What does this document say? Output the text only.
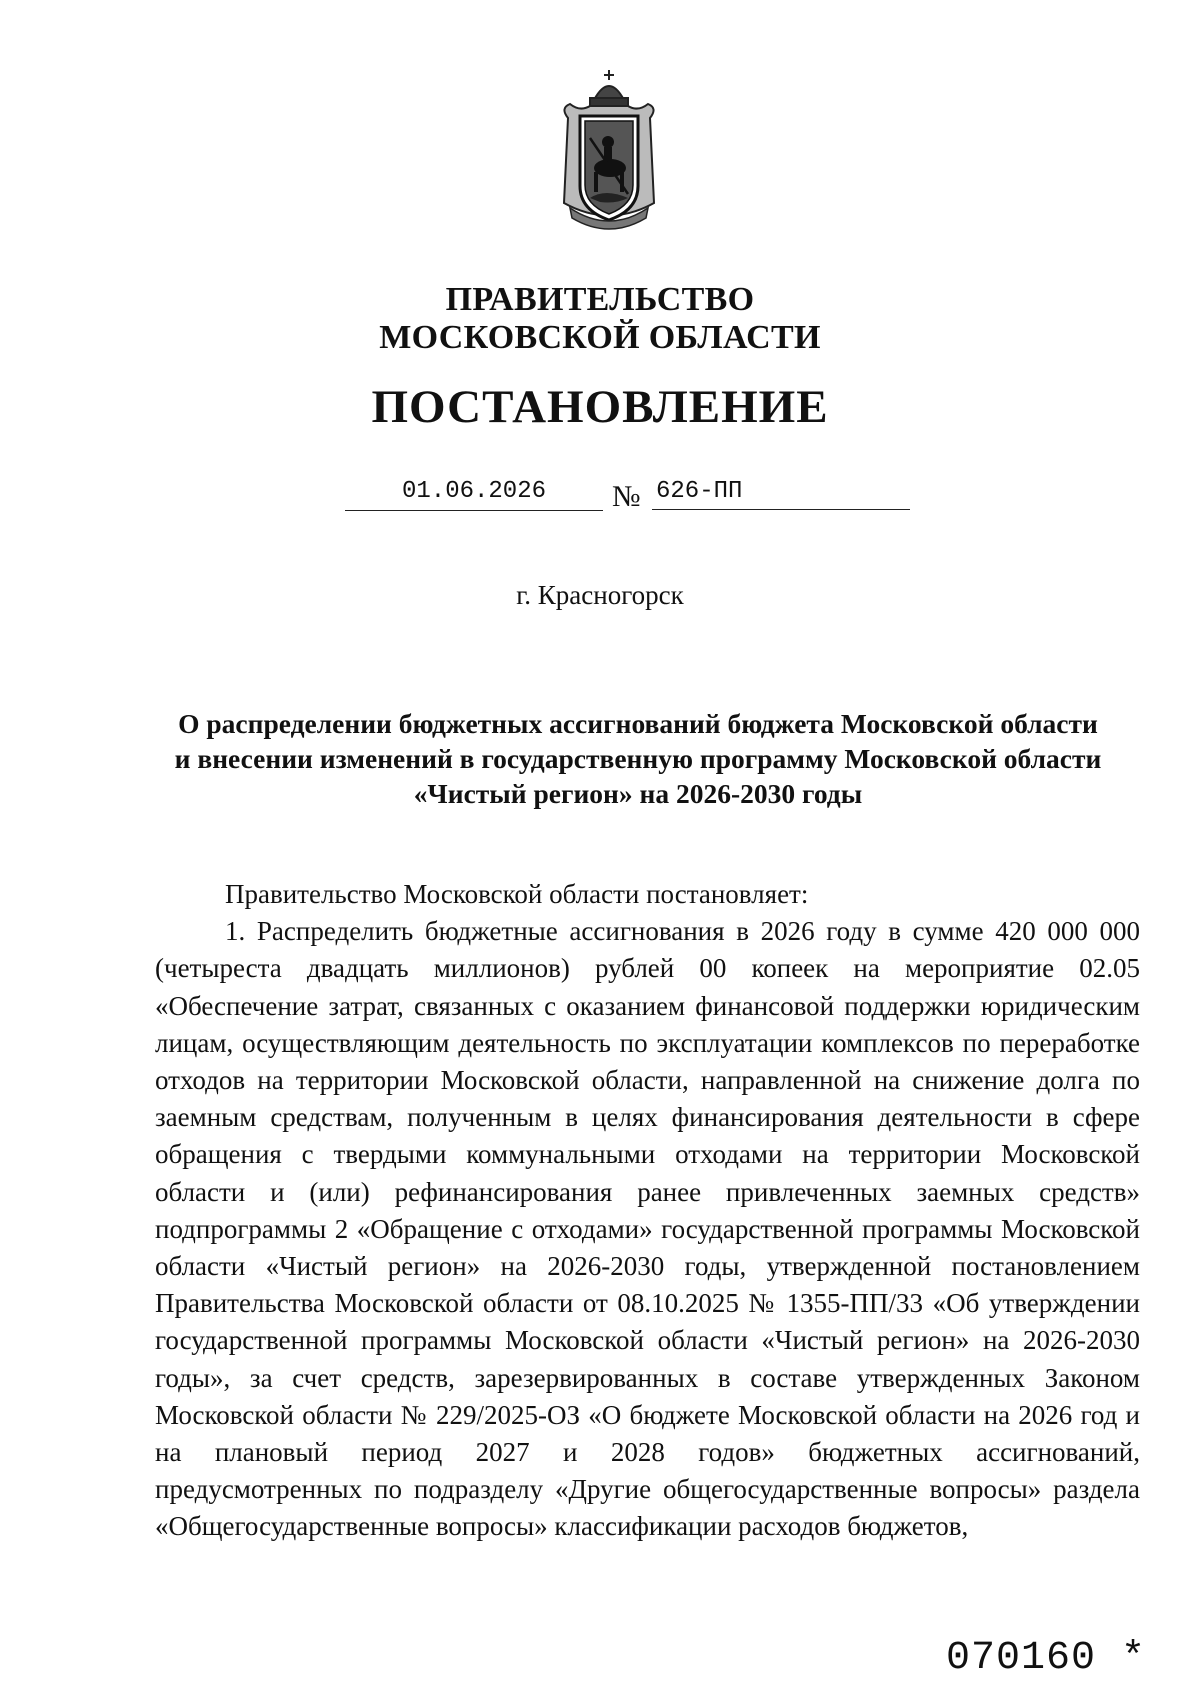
ПРАВИТЕЛЬСТВО
МОСКОВСКОЙ ОБЛАСТИ
ПОСТАНОВЛЕНИЕ
01.06.2026	№ 626-ПП
г. Красногорск
О распределении бюджетных ассигнований бюджета Московской области
и внесении изменений в государственную программу Московской области
«Чистый регион» на 2026-2030 годы

Правительство Московской области постановляет:

1. Распределить бюджетные ассигнования в 2026 году в сумме 420 000 000 (четыреста двадцать миллионов) рублей 00 копеек на мероприятие 02.05 «Обеспечение затрат, связанных с оказанием финансовой поддержки юридическим лицам, осуществляющим деятельность по эксплуатации комплексов по переработке отходов на территории Московской области, направленной на снижение долга по заемным средствам, полученным в целях финансирования деятельности в сфере обращения с твердыми коммунальными отходами на территории Московской области и (или) рефинансирования ранее привлеченных заемных средств» подпрограммы 2 «Обращение с отходами» государственной программы Московской области «Чистый регион» на 2026-2030 годы, утвержденной постановлением Правительства Московской области от 08.10.2025 № 1355-ПП/33 «Об утверждении государственной программы Московской области «Чистый регион» на 2026-2030 годы», за счет средств, зарезервированных в составе утвержденных Законом Московской области № 229/2025-ОЗ «О бюджете Московской области на 2026 год и на плановый период 2027 и 2028 годов» бюджетных ассигнований, предусмотренных по подразделу «Другие общегосударственные вопросы» раздела «Общегосударственные вопросы» классификации расходов бюджетов,

070160 *
